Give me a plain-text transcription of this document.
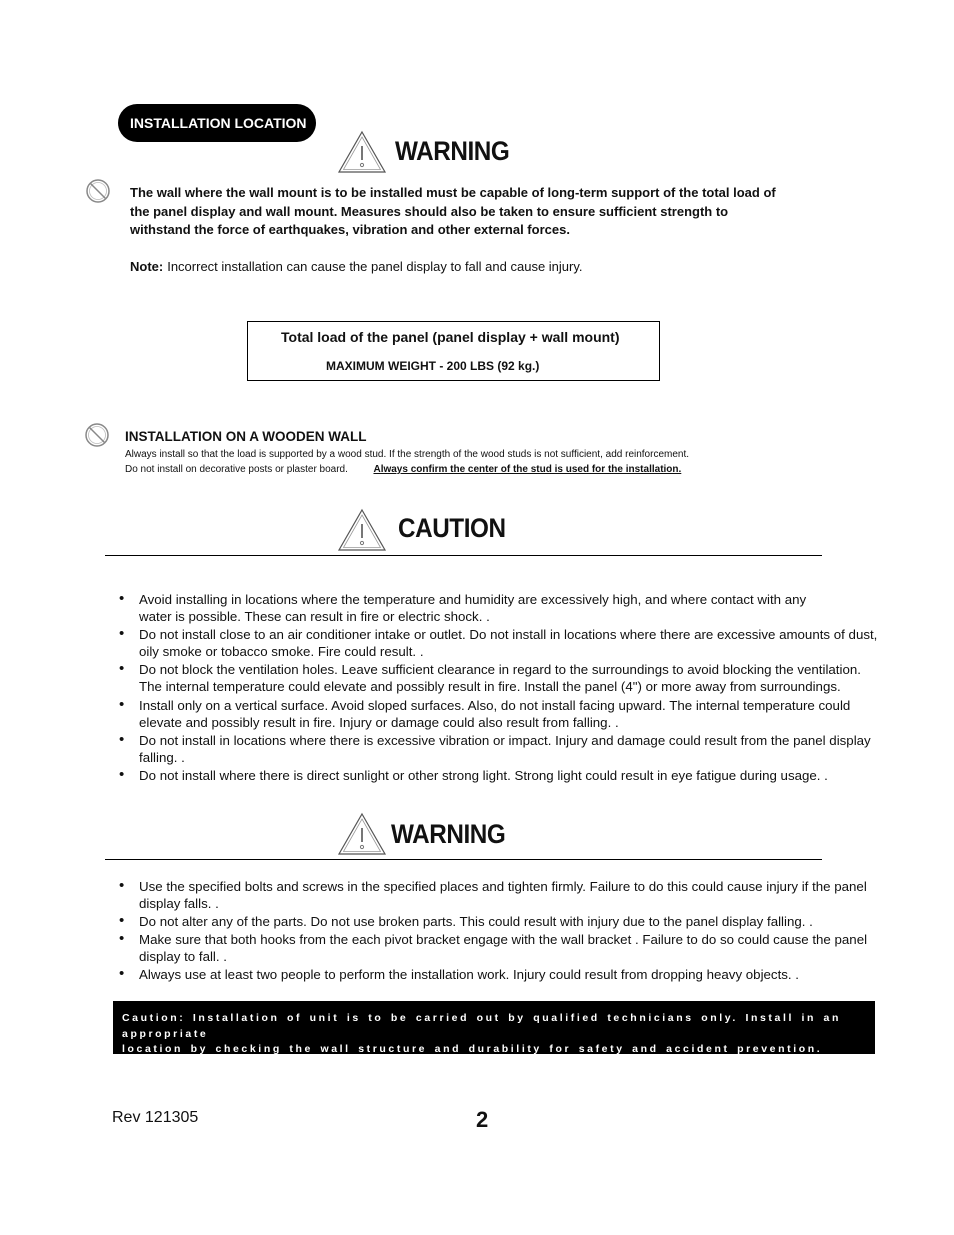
INSTALLATION LOCATION
WARNING
The wall where the wall mount is to be installed must be capable of long-term support of the total load of
the panel display and wall mount. Measures should also be taken to ensure sufficient strength to
withstand the force of earthquakes, vibration and other external forces.
Note: Incorrect installation can cause the panel display to fall and cause injury.
Total load of the panel (panel display + wall mount)
MAXIMUM WEIGHT - 200 LBS (92 kg.)
INSTALLATION ON A WOODEN WALL
Always install so that the load is supported by a wood stud. If the strength of the wood studs is not sufficient, add reinforcement.
Do not install on decorative posts or plaster board.	Always confirm the center of the stud is used for the installation.
CAUTION
• Avoid installing in locations where the temperature and humidity are excessively high, and where contact with any
water is possible. These can result in fire or electric shock. .
• Do not install close to an air conditioner intake or outlet. Do not install in locations where there are excessive amounts of dust,
oily smoke or tobacco smoke. Fire could result. .
• Do not block the ventilation holes. Leave sufficient clearance in regard to the surroundings to avoid blocking the ventilation.
The internal temperature could elevate and possibly result in fire. Install the panel (4") or more away from surroundings.
• Install only on a vertical surface. Avoid sloped surfaces. Also, do not install facing upward. The internal temperature could
elevate and possibly result in fire. Injury or damage could also result from falling. .
• Do not install in locations where there is excessive vibration or impact. Injury and damage could result from the panel display
falling. .
• Do not install where there is direct sunlight or other strong light. Strong light could result in eye fatigue during usage. .
WARNING
• Use the specified bolts and screws in the specified places and tighten firmly. Failure to do this could cause injury if the panel
display falls. .
• Do not alter any of the parts. Do not use broken parts. This could result with injury due to the panel display falling. .
• Make sure that both hooks from the each pivot bracket engage with the wall bracket . Failure to do so could cause the panel
display to fall. .
• Always use at least two people to perform the installation work. Injury could result from dropping heavy objects. .
Caution: Installation of unit is to be carried out by qualified technicians only. Install in an appropriate
location by checking the wall structure and durability for safety and accident prevention.
Rev 121305	2
